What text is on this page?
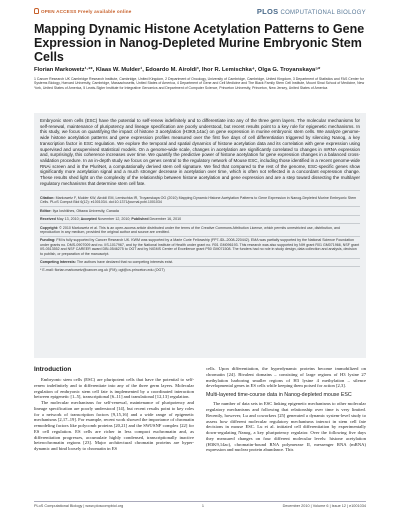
OPEN ACCESS Freely available online	PLOS COMPUTATIONAL BIOLOGY
Mapping Dynamic Histone Acetylation Patterns to Gene Expression in Nanog-Depleted Murine Embryonic Stem Cells
Florian Markowetz¹·²*, Klaas W. Mulder¹, Edoardo M. Airoldi³, Ihor R. Lemischka⁴, Olga G. Troyanskaya⁵*
1 Cancer Research UK Cambridge Research Institute, Cambridge, United Kingdom, 2 Department of Oncology, University of Cambridge, Cambridge, United Kingdom, 3 Department of Statistics and FAS Center for Systems Biology, Harvard University, Cambridge, Massachusetts, United States of America, 4 Department of Gene and Cell Medicine and The Black Family Stem Cell Institute, Mount Sinai School of Medicine, New York, United States of America, 5 Lewis-Sigler Institute for Integrative Genomics and Department of Computer Science, Princeton University, Princeton, New Jersey, United States of America
Embryonic stem cells (ESC) have the potential to self-renew indefinitely and to differentiate into any of the three germ layers. The molecular mechanisms for self-renewal, maintenance of pluripotency and lineage specification are poorly understood, but recent results point to a key role for epigenetic mechanisms. In this study, we focus on quantifying the impact of histone 3 acetylation (H3K9,14ac) on gene expression in murine embryonic stem cells. We analyze genome-wide histone acetylation patterns and gene expression profiles measured over the first five days of cell differentiation triggered by silencing Nanog, a key transcription factor in ESC regulation. We explore the temporal and spatial dynamics of histone acetylation data and its correlation with gene expression using supervised and unsupervised statistical models. On a genome-wide scale, changes in acetylation are significantly correlated to changes in mRNA expression and, surprisingly, this coherence increases over time. We quantify the predictive power of histone acetylation for gene expression changes in a balanced cross-validation procedure. In an in-depth study we focus on genes central to the regulatory network of Mouse ESC, including those identified in a recent genome-wide RNAi screen and in the PluriNet, a computationally derived stem cell signature. We find that compared to the rest of the genome, ESC-specific genes show significantly more acetylation signal and a much stronger decrease in acetylation over time, which is often not reflected in a concordant expression change. These results shed light on the complexity of the relationship between histone acetylation and gene expression and are a step toward dissecting the multilayer regulatory mechanisms that determine stem cell fate.
Citation: Markowetz F, Mulder KW, Airoldi EM, Lemischka IR, Troyanskaya OG (2010) Mapping Dynamic Histone Acetylation Patterns to Gene Expression in Nanog-Depleted Murine Embryonic Stem Cells. PLoS Comput Biol 6(12): e1001034. doi:10.1371/journal.pcbi.1001034
Editor: Ilya Ioshikhes, Ottawa University, Canada
Received May 13, 2010; Accepted November 12, 2010; Published December 16, 2010
Copyright: © 2010 Markowetz et al. This is an open-access article distributed under the terms of the Creative Commons Attribution License, which permits unrestricted use, distribution, and reproduction in any medium, provided the original author and source are credited.
Funding: FM is fully supported by Cancer Research UK. KWM was supported by a Marie Curie Fellowship (FP7-IDL-2008-220442). EMA was partially supported by the National Science Foundation under grants no. DMS-0907009 and no. IIS-1017967, and by the National Institute of Health under grant no. R01 GM096193. This research was also supported by NIH grant R01 GM071966, NSF grant IIS-0513552 and NSF CAREER award DBI-0546275 to OGT and by NIGMS Center of Excellence grant P50 GM071508. The funders had no role in study design, data collection and analysis, decision to publish, or preparation of the manuscript.
Competing Interests: The authors have declared that no competing interests exist.
* E-mail: florian.markowetz@cancer.org.uk (FM); ogt@cs.princeton.edu (OGT)
Introduction

Embryonic stem cells (ESC) are pluripotent cells that have the potential to self-renew indefinitely and to differentiate into any of the three germ layers. Molecular regulation of embryonic stem cell fate is implemented by a coordinated interaction between epigenetic [1–5], transcriptional [6–11] and translational [12,13] regulation.

The molecular mechanisms for self-renewal, maintenance of pluripotency and lineage specification are poorly understood [14], but recent results point to key roles for a network of transcription factors [9,15,16] and a wide range of epigenetic mechanisms [2,17–19]. For example, recent work showed the importance of chromatin remodeling factors like polycomb proteins [20,21] and the SWI/SNF complex [22] for ES cell regulation. ES cells are richer in less compact euchromatin and, as differentiation progresses, accumulate highly condensed, transcriptionally inactive heterochromatin regions [23]. Major architectural chromatin proteins are hyper-dynamic and bind loosely to chromatin in ES

cells. Upon differentiation, the hyperdynamic proteins become immobilized on chromatin [24]. Bivalent domains – consisting of large regions of H3 lysine 27 methylation harboring smaller regions of H3 lysine 4 methylation – silence developmental genes in ES cells while keeping them poised for action [2,3].

Multi-layered time-course data in Nanog-depleted mouse ESC

The number of data sets in ESC linking epigenetic mechanisms to other molecular regulatory mechanisms and following that relationship over time is very limited. Recently, however, Lu and coworkers [25] generated a dynamic system-level study to assess how different molecular regulatory mechanisms interact in stem cell fate decisions in mouse ESC. Lu et al. initiated cell differentiation by experimentally down-regulating Nanog, a key pluripotency regulator. Over the following five days they measured changes on four different molecular levels: histone acetylation (H3K9,14ac), chromatin-bound RNA polymerase II, messenger RNA (mRNA) expression and nuclear protein abundance. This

PLoS Computational Biology | www.ploscompbiol.org	1	December 2010 | Volume 6 | Issue 12 | e1001034
